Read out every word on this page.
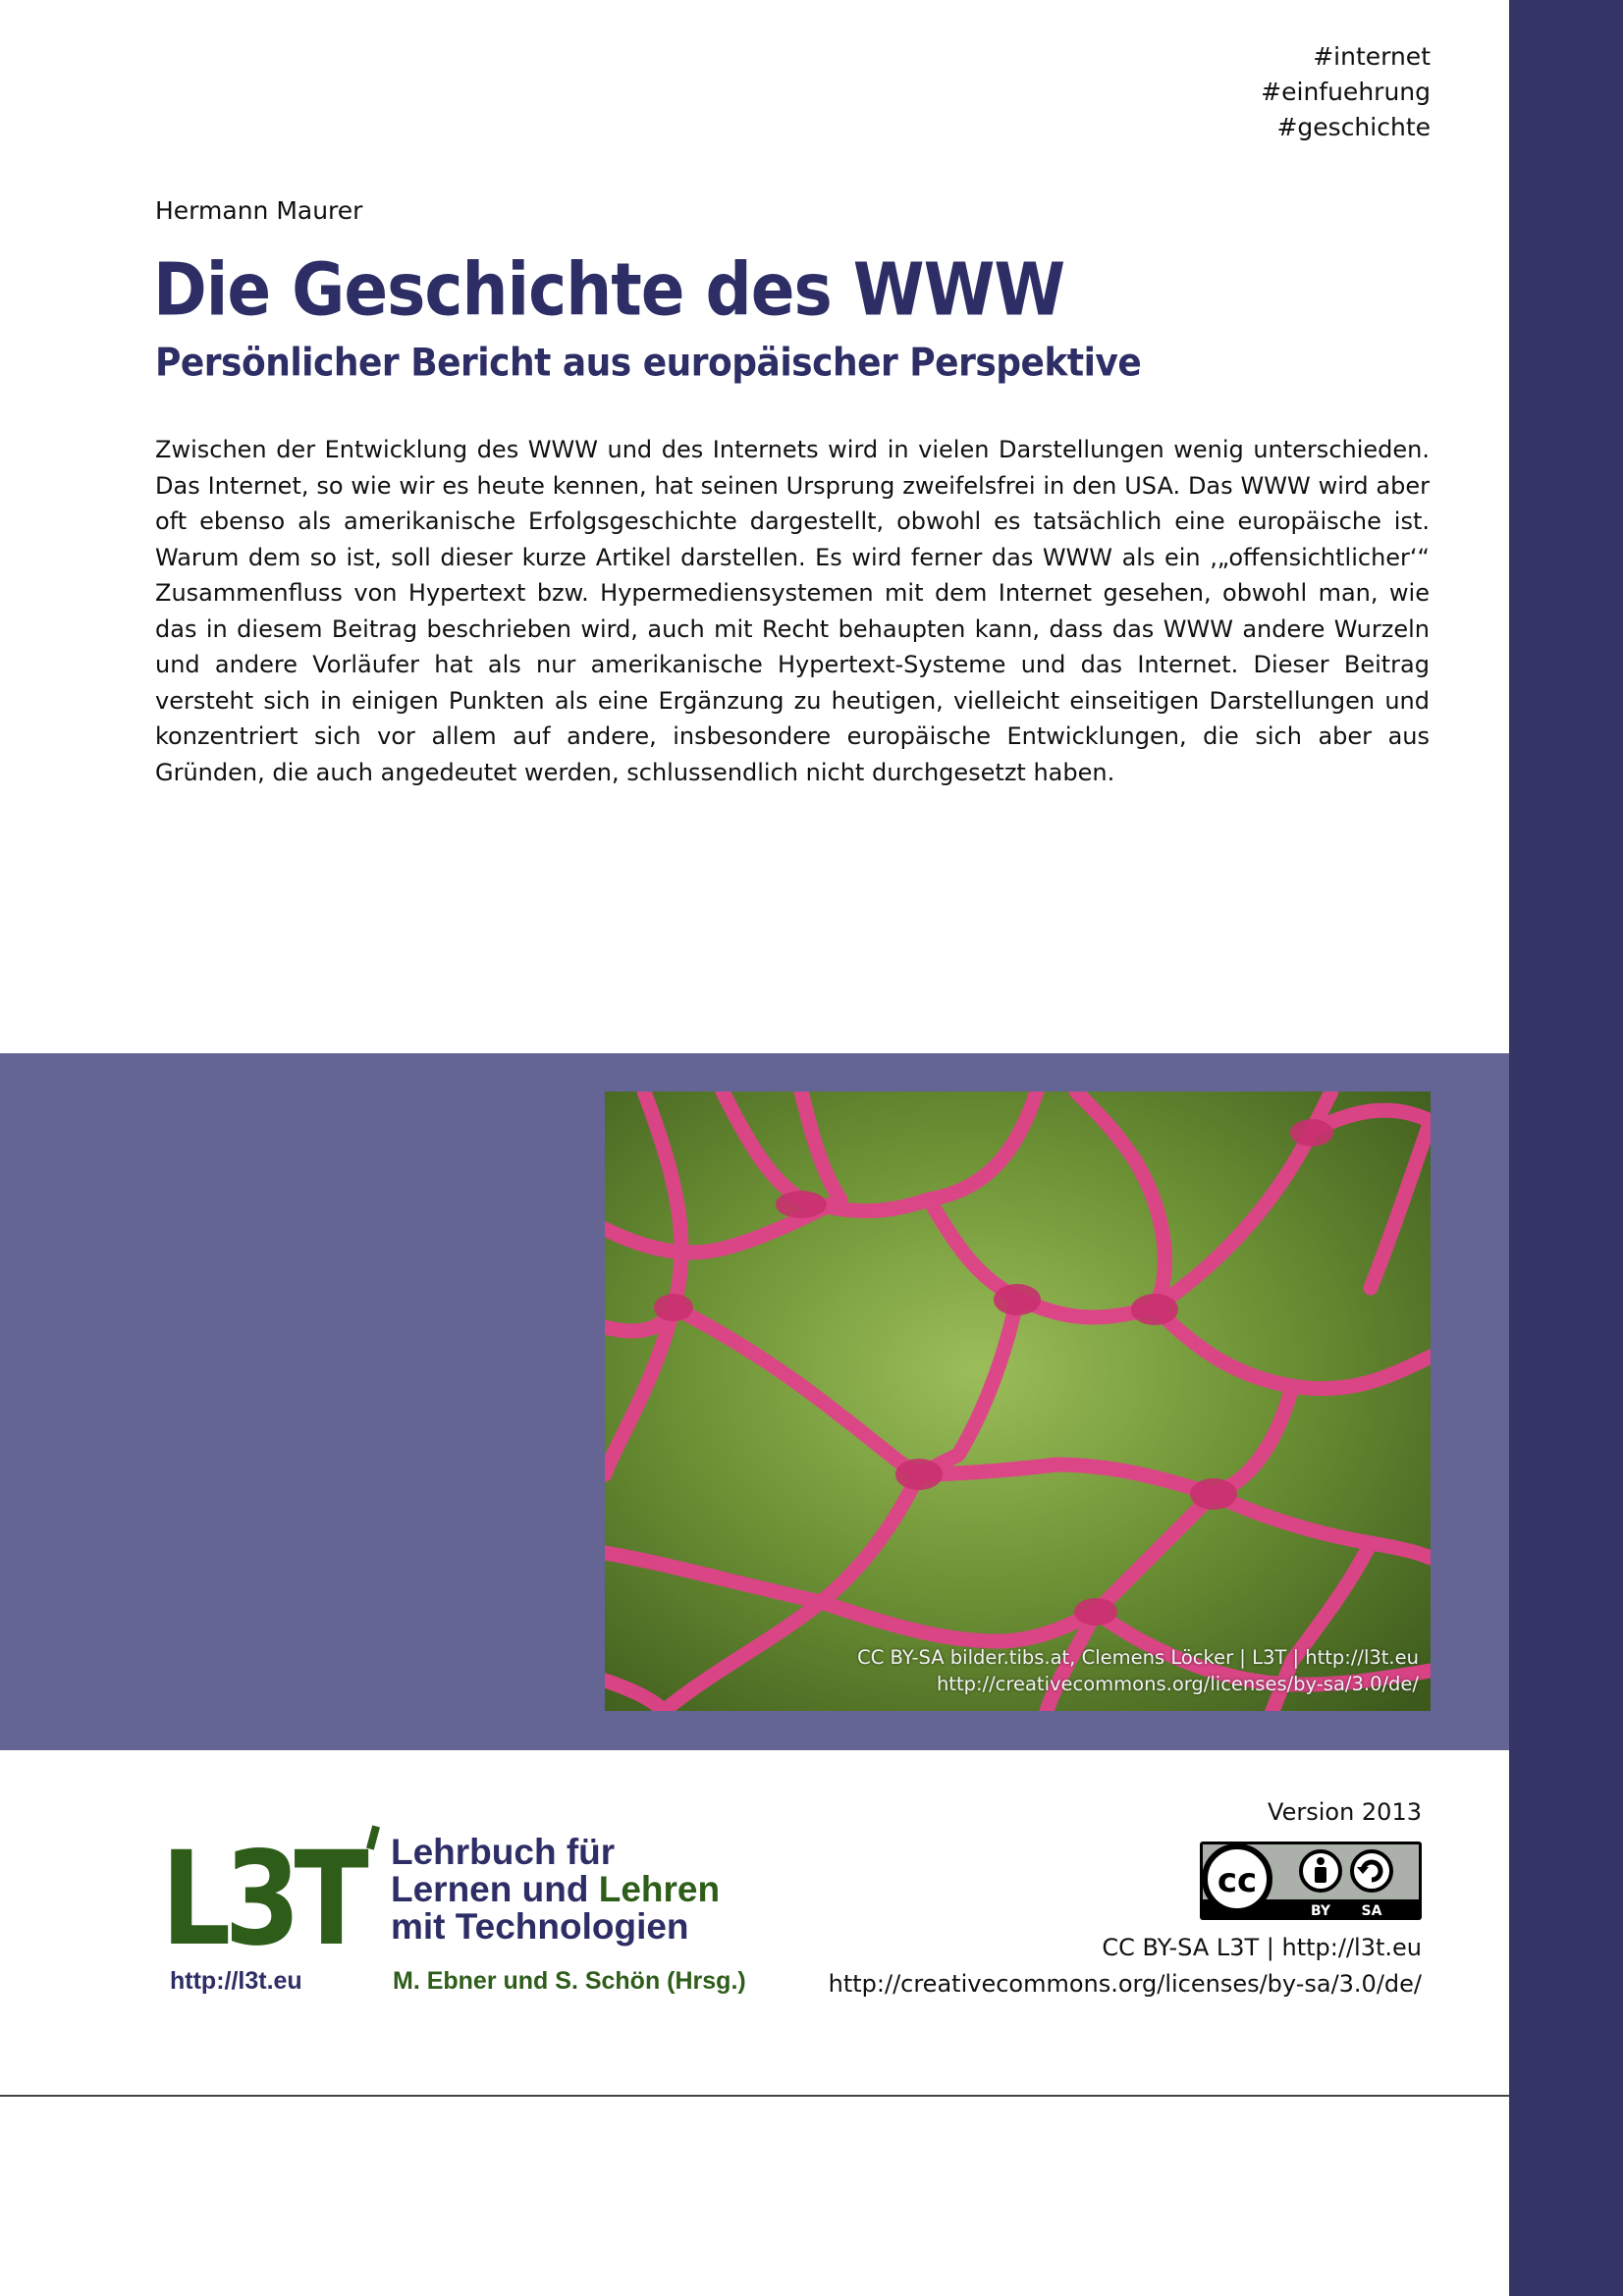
#internet
#einfuehrung
#geschichte
Hermann Maurer
Die Geschichte des WWW
Persönlicher Bericht aus europäischer Perspektive

Zwischen der Entwicklung des WWW und des Internets wird in vielen Darstellungen wenig unterschieden. Das Internet, so wie wir es heute kennen, hat seinen Ursprung zweifelsfrei in den USA. Das WWW wird aber oft ebenso als amerikanische Erfolgsgeschichte dargestellt, obwohl es tatsächlich eine europäische ist. Warum dem so ist, soll dieser kurze Artikel darstellen. Es wird ferner das WWW als ein ‚„offensichtlicher‘“ Zusammenfluss von Hypertext bzw. Hypermediensystemen mit dem Internet gesehen, obwohl man, wie das in diesem Beitrag beschrieben wird, auch mit Recht behaupten kann, dass das WWW andere Wurzeln und andere Vorläufer hat als nur amerikanische Hypertext-Systeme und das Internet. Dieser Beitrag versteht sich in einigen Punkten als eine Ergänzung zu heutigen, vielleicht einseitigen Darstellungen und konzentriert sich vor allem auf andere, insbesondere europäische Entwicklungen, die sich aber aus Gründen, die auch angedeutet werden, schlussendlich nicht durchgesetzt haben.

CC BY-SA bilder.tibs.at, Clemens Löcker | L3T | http://l3t.eu
http://creativecommons.org/licenses/by-sa/3.0/de/
L3T Lehrbuch für
Lernen und Lehren
mit Technologien
http://l3t.eu	M. Ebner und S. Schön (Hrsg.)
Version 2013
cc
BY SA
CC BY-SA L3T | http://l3t.eu
http://creativecommons.org/licenses/by-sa/3.0/de/
